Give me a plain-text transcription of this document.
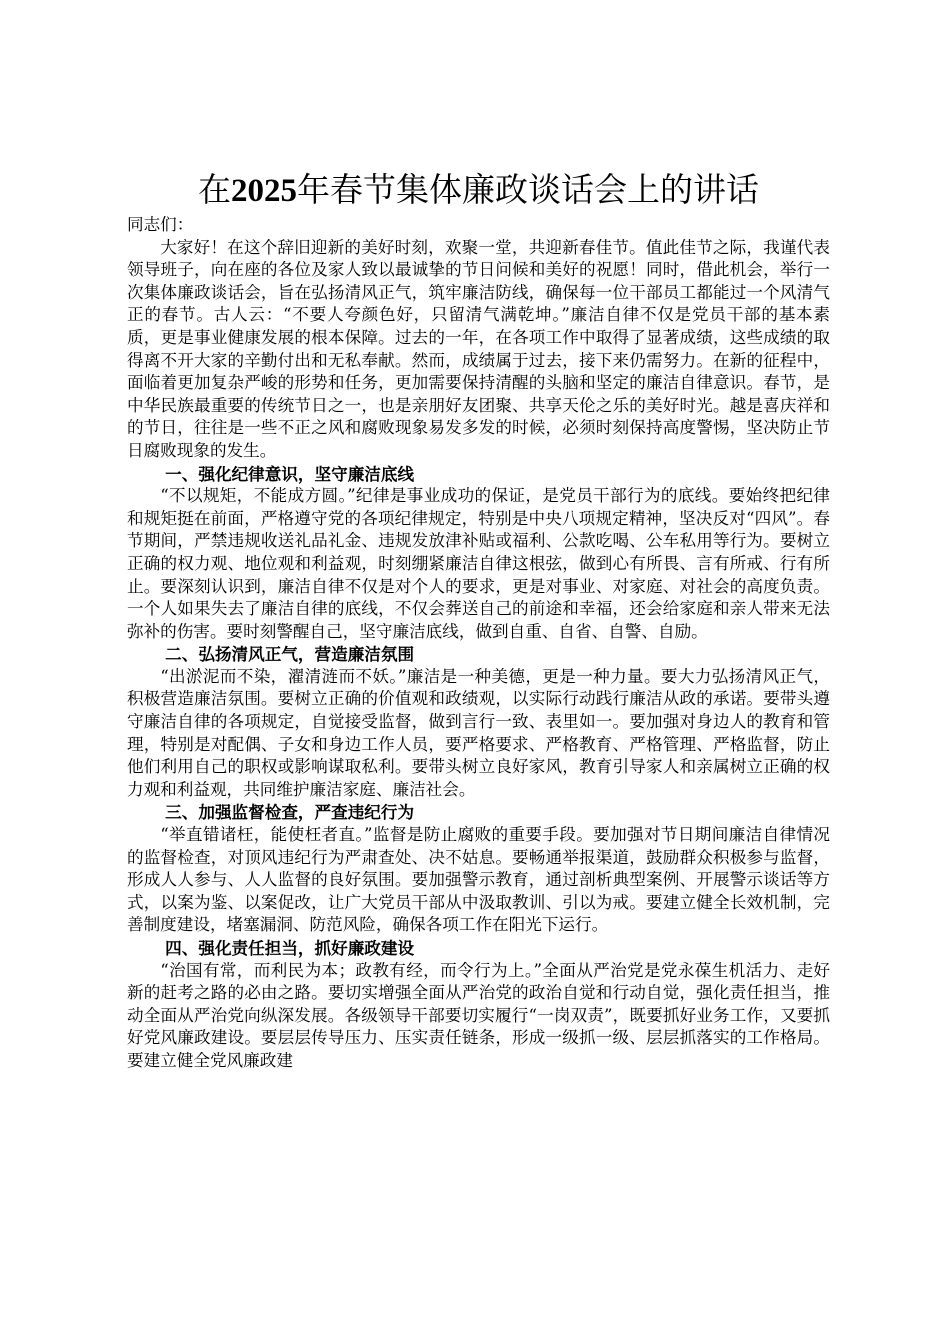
在2025年春节集体廉政谈话会上的讲话

同志们：

大家好！在这个辞旧迎新的美好时刻，欢聚一堂，共迎新春佳节。值此佳节之际，我谨代表领导班子，向在座的各位及家人致以最诚挚的节日问候和美好的祝愿！同时，借此机会，举行一次集体廉政谈话会，旨在弘扬清风正气，筑牢廉洁防线，确保每一位干部员工都能过一个风清气正的春节。古人云：“不要人夸颜色好，只留清气满乾坤。”廉洁自律不仅是党员干部的基本素质，更是事业健康发展的根本保障。过去的一年，在各项工作中取得了显著成绩，这些成绩的取得离不开大家的辛勤付出和无私奉献。然而，成绩属于过去，接下来仍需努力。在新的征程中，面临着更加复杂严峻的形势和任务，更加需要保持清醒的头脑和坚定的廉洁自律意识。春节，是中华民族最重要的传统节日之一，也是亲朋好友团聚、共享天伦之乐的美好时光。越是喜庆祥和的节日，往往是一些不正之风和腐败现象易发多发的时候，必须时刻保持高度警惕，坚决防止节日腐败现象的发生。

一、强化纪律意识，坚守廉洁底线

“不以规矩，不能成方圆。”纪律是事业成功的保证，是党员干部行为的底线。要始终把纪律和规矩挺在前面，严格遵守党的各项纪律规定，特别是中央八项规定精神，坚决反对“四风”。春节期间，严禁违规收送礼品礼金、违规发放津补贴或福利、公款吃喝、公车私用等行为。要树立正确的权力观、地位观和利益观，时刻绷紧廉洁自律这根弦，做到心有所畏、言有所戒、行有所止。要深刻认识到，廉洁自律不仅是对个人的要求，更是对事业、对家庭、对社会的高度负责。一个人如果失去了廉洁自律的底线，不仅会葬送自己的前途和幸福，还会给家庭和亲人带来无法弥补的伤害。要时刻警醒自己，坚守廉洁底线，做到自重、自省、自警、自励。

二、弘扬清风正气，营造廉洁氛围

“出淤泥而不染，濯清涟而不妖。”廉洁是一种美德，更是一种力量。要大力弘扬清风正气，积极营造廉洁氛围。要树立正确的价值观和政绩观，以实际行动践行廉洁从政的承诺。要带头遵守廉洁自律的各项规定，自觉接受监督，做到言行一致、表里如一。要加强对身边人的教育和管理，特别是对配偶、子女和身边工作人员，要严格要求、严格教育、严格管理、严格监督，防止他们利用自己的职权或影响谋取私利。要带头树立良好家风，教育引导家人和亲属树立正确的权力观和利益观，共同维护廉洁家庭、廉洁社会。

三、加强监督检查，严查违纪行为

“举直错诸枉，能使枉者直。”监督是防止腐败的重要手段。要加强对节日期间廉洁自律情况的监督检查，对顶风违纪行为严肃查处、决不姑息。要畅通举报渠道，鼓励群众积极参与监督，形成人人参与、人人监督的良好氛围。要加强警示教育，通过剖析典型案例、开展警示谈话等方式，以案为鉴、以案促改，让广大党员干部从中汲取教训、引以为戒。要建立健全长效机制，完善制度建设，堵塞漏洞、防范风险，确保各项工作在阳光下运行。

四、强化责任担当，抓好廉政建设

“治国有常，而利民为本；政教有经，而令行为上。”全面从严治党是党永葆生机活力、走好新的赶考之路的必由之路。要切实增强全面从严治党的政治自觉和行动自觉，强化责任担当，推动全面从严治党向纵深发展。各级领导干部要切实履行“一岗双责”，既要抓好业务工作，又要抓好党风廉政建设。要层层传导压力、压实责任链条，形成一级抓一级、层层抓落实的工作格局。要建立健全党风廉政建
